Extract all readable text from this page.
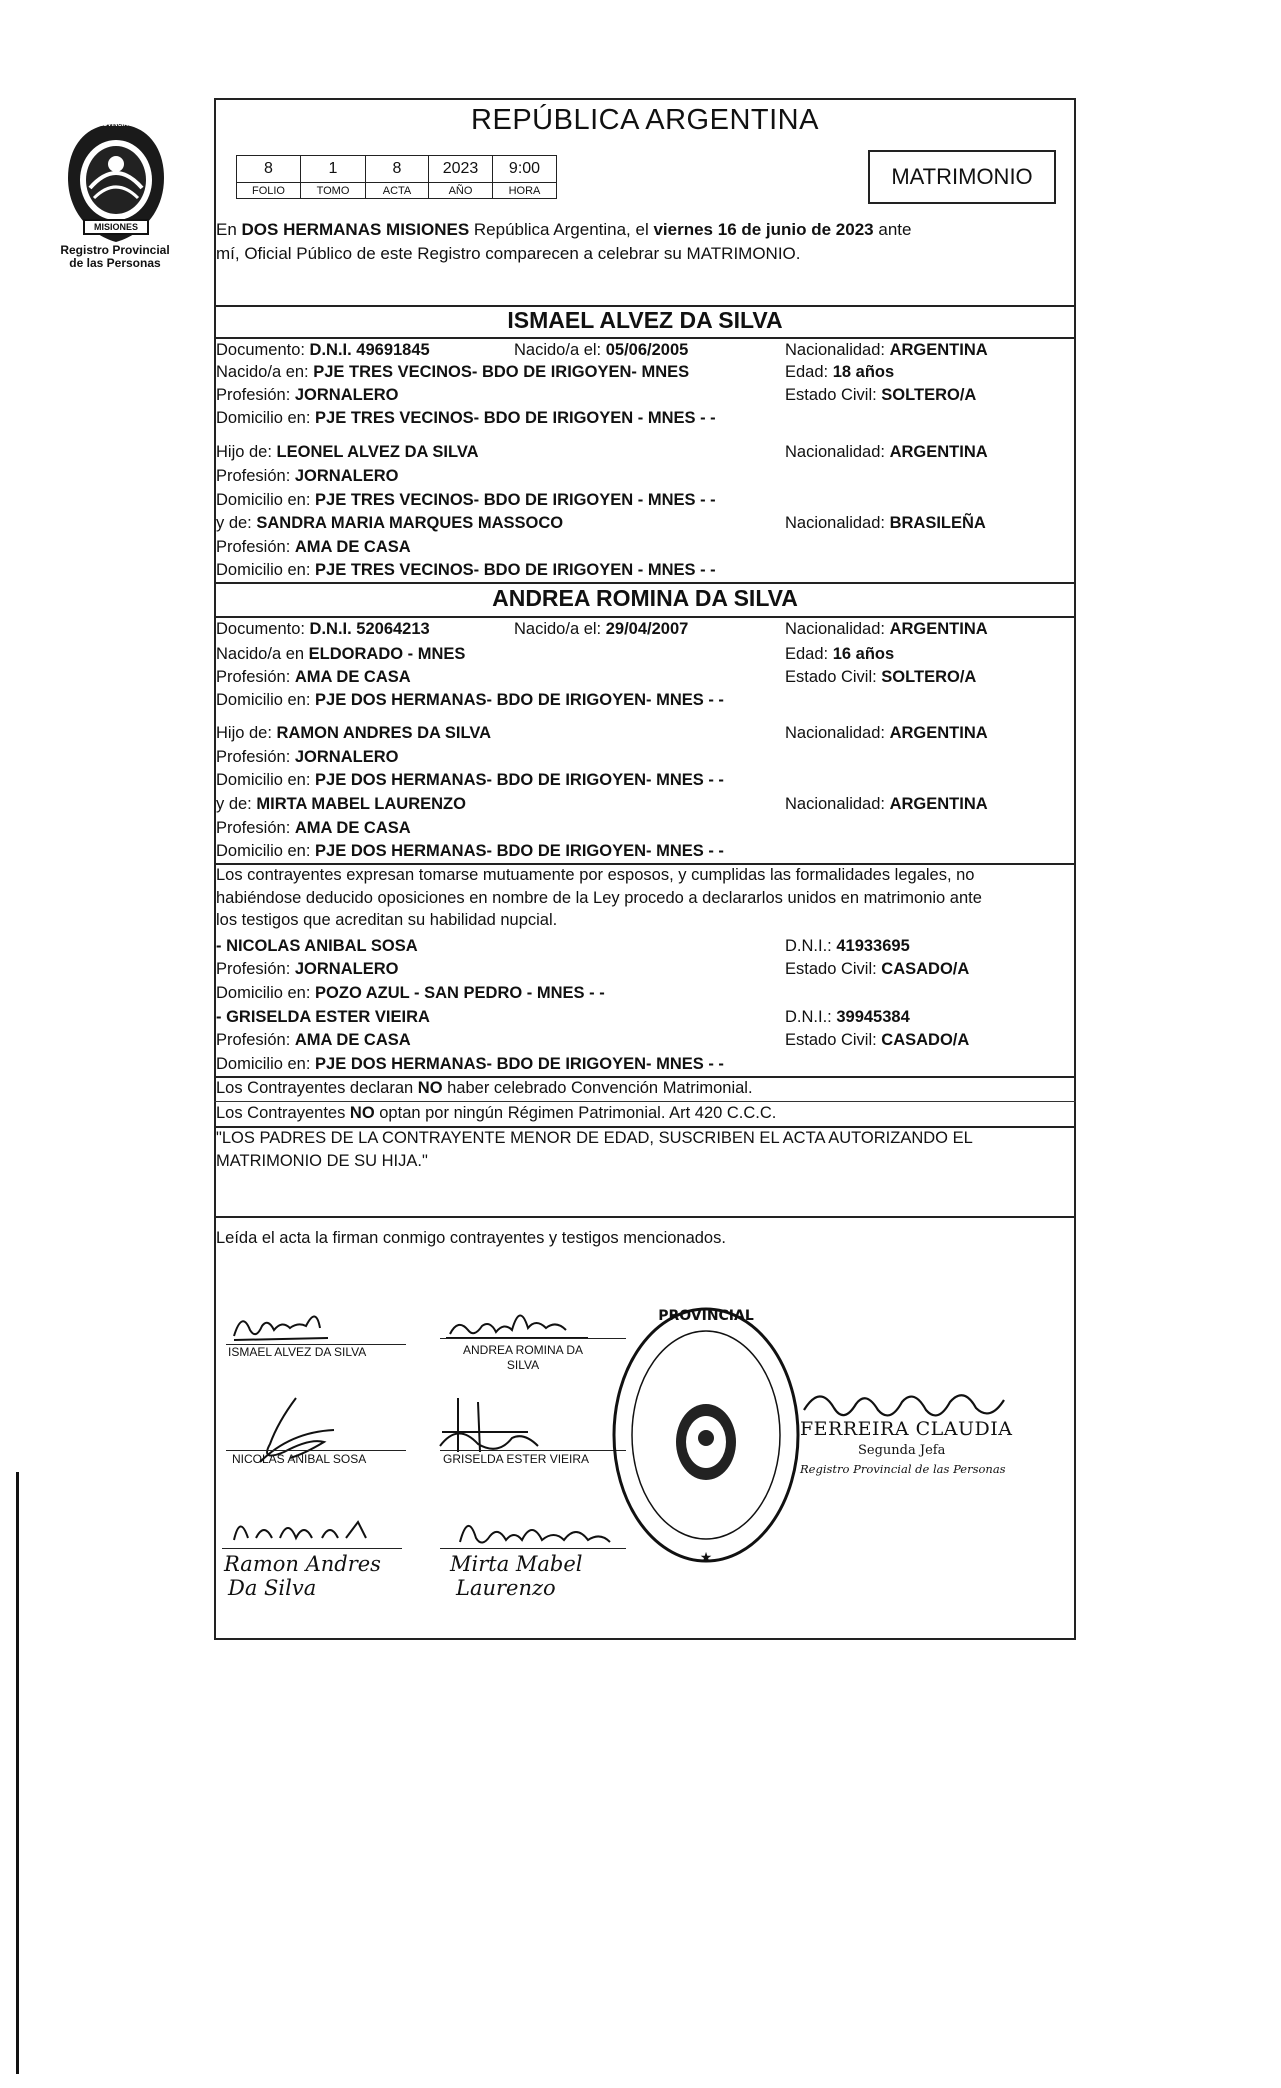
MISIONES
PROVINCIA DE
Registro Provincial
de las Personas
REPÚBLICA ARGENTINA
8	1	8	2023	9:00
FOLIO	TOMO	ACTA	AÑO	HORA
MATRIMONIO
En DOS HERMANAS MISIONES República Argentina, el viernes 16 de junio de 2023 ante
mí, Oficial Público de este Registro comparecen a celebrar su MATRIMONIO.
ISMAEL ALVEZ DA SILVA
Documento: D.N.I. 49691845	Nacido/a el: 05/06/2005	Nacionalidad: ARGENTINA
Nacido/a en: PJE TRES VECINOS- BDO DE IRIGOYEN- MNES	Edad: 18 años
Profesión: JORNALERO	Estado Civil: SOLTERO/A
Domicilio en: PJE TRES VECINOS- BDO DE IRIGOYEN - MNES - -
Hijo de: LEONEL ALVEZ DA SILVA	Nacionalidad: ARGENTINA
Profesión: JORNALERO
Domicilio en: PJE TRES VECINOS- BDO DE IRIGOYEN - MNES - -
y de: SANDRA MARIA MARQUES MASSOCO	Nacionalidad: BRASILEÑA
Profesión: AMA DE CASA
Domicilio en: PJE TRES VECINOS- BDO DE IRIGOYEN - MNES - -
ANDREA ROMINA DA SILVA
Documento: D.N.I. 52064213	Nacido/a el: 29/04/2007	Nacionalidad: ARGENTINA
Nacido/a en ELDORADO - MNES	Edad: 16 años
Profesión: AMA DE CASA	Estado Civil: SOLTERO/A
Domicilio en: PJE DOS HERMANAS- BDO DE IRIGOYEN- MNES - -
Hijo de: RAMON ANDRES DA SILVA	Nacionalidad: ARGENTINA
Profesión: JORNALERO
Domicilio en: PJE DOS HERMANAS- BDO DE IRIGOYEN- MNES - -
y de: MIRTA MABEL LAURENZO	Nacionalidad: ARGENTINA
Profesión: AMA DE CASA
Domicilio en: PJE DOS HERMANAS- BDO DE IRIGOYEN- MNES - -
Los contrayentes expresan tomarse mutuamente por esposos, y cumplidas las formalidades legales, no
habiéndose deducido oposiciones en nombre de la Ley procedo a declararlos unidos en matrimonio ante
los testigos que acreditan su habilidad nupcial.
- NICOLAS ANIBAL SOSA	D.N.I.: 41933695
Profesión: JORNALERO	Estado Civil: CASADO/A
Domicilio en: POZO AZUL - SAN PEDRO - MNES - -
- GRISELDA ESTER VIEIRA	D.N.I.: 39945384
Profesión: AMA DE CASA	Estado Civil: CASADO/A
Domicilio en: PJE DOS HERMANAS- BDO DE IRIGOYEN- MNES - -
Los Contrayentes declaran NO haber celebrado Convención Matrimonial.
Los Contrayentes NO optan por ningún Régimen Patrimonial. Art 420 C.C.C.
"LOS PADRES DE LA CONTRAYENTE MENOR DE EDAD, SUSCRIBEN EL ACTA AUTORIZANDO EL
MATRIMONIO DE SU HIJA."
Leída el acta la firman conmigo contrayentes y testigos mencionados.
ISMAEL ALVEZ DA SILVA	ANDREA ROMINA DA
SILVA
NICOLAS ANIBAL SOSA	GRISELDA ESTER VIEIRA
PROVINCIAL
★
FERREIRA CLAUDIA
Segunda Jefa
Registro Provincial de las Personas
Ramon Andres
Da Silva
Mirta Mabel
Laurenzo
